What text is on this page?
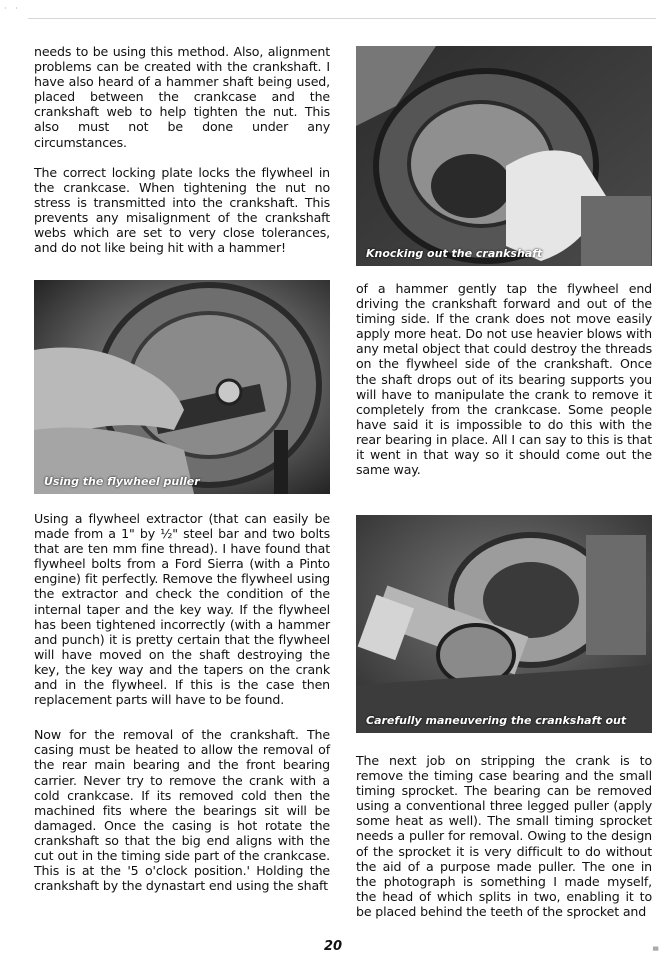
· ·

needs to be using this method. Also, alignment problems can be created with the crankshaft. I have also heard of a hammer shaft being used, placed between the crankcase and the crankshaft web to help tighten the nut. This also must not be done under any circumstances.

The correct locking plate locks the flywheel in the crankcase. When tightening the nut no stress is transmitted into the crankshaft. This prevents any misalignment of the crankshaft webs which are set to very close tolerances, and do not like being hit with a hammer!

Using the flywheel puller

Using a flywheel extractor (that can easily be made from a 1" by ½" steel bar and two bolts that are ten mm fine thread). I have found that flywheel bolts from a Ford Sierra (with a Pinto engine) fit perfectly. Remove the flywheel using the extractor and check the condition of the internal taper and the key way. If the flywheel has been tightened incorrectly (with a hammer and punch) it is pretty certain that the flywheel will have moved on the shaft destroying the key, the key way and the tapers on the crank and in the flywheel. If this is the case then replacement parts will have to be found.

Now for the removal of the crankshaft. The casing must be heated to allow the removal of the rear main bearing and the front bearing carrier. Never try to remove the crank with a cold crankcase. If its removed cold then the machined fits where the bearings sit will be damaged. Once the casing is hot rotate the crankshaft so that the big end aligns with the cut out in the timing side part of the crankcase. This is at the '5 o'clock position.' Holding the crankshaft by the dynastart end using the shaft

Knocking out the crankshaft

of a hammer gently tap the flywheel end driving the crankshaft forward and out of the timing side. If the crank does not move easily apply more heat. Do not use heavier blows with any metal object that could destroy the threads on the flywheel side of the crankshaft. Once the shaft drops out of its bearing supports you will have to manipulate the crank to remove it completely from the crankcase. Some people have said it is impossible to do this with the rear bearing in place. All I can say to this is that it went in that way so it should come out the same way.

Carefully maneuvering the crankshaft out

The next job on stripping the crank is to remove the timing case bearing and the small timing sprocket. The bearing can be removed using a conventional three legged puller (apply some heat as well). The small timing sprocket needs a puller for removal. Owing to the design of the sprocket it is very difficult to do without the aid of a purpose made puller. The one in the photograph is something I made myself, the head of which splits in two, enabling it to be placed behind the teeth of the sprocket and

20	▗▖
